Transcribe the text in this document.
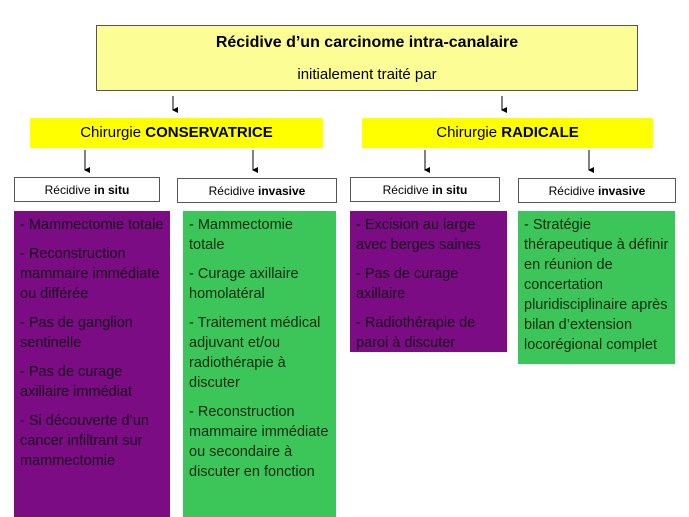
Récidive d’un carcinome intra-canalaire
initialement traité par
Chirurgie CONSERVATRICE	Chirurgie RADICALE
Récidive in situ	Récidive invasive	Récidive in situ	Récidive invasive
- Mammectomie totale
- Reconstruction mammaire immédiate ou différée
- Pas de ganglion sentinelle
- Pas de curage axillaire immédiat
- Si découverte d’un cancer infiltrant sur mammectomie
- Mammectomie totale
- Curage axillaire homolatéral
- Traitement médical adjuvant et/ou radiothérapie à discuter
- Reconstruction mammaire immédiate ou secondaire à discuter en fonction
- Excision au large avec berges saines
- Pas de curage axillaire
- Radiothérapie de paroi à discuter
- Stratégie thérapeutique à définir en réunion de concertation pluridisciplinaire après bilan d’extension locorégional complet
